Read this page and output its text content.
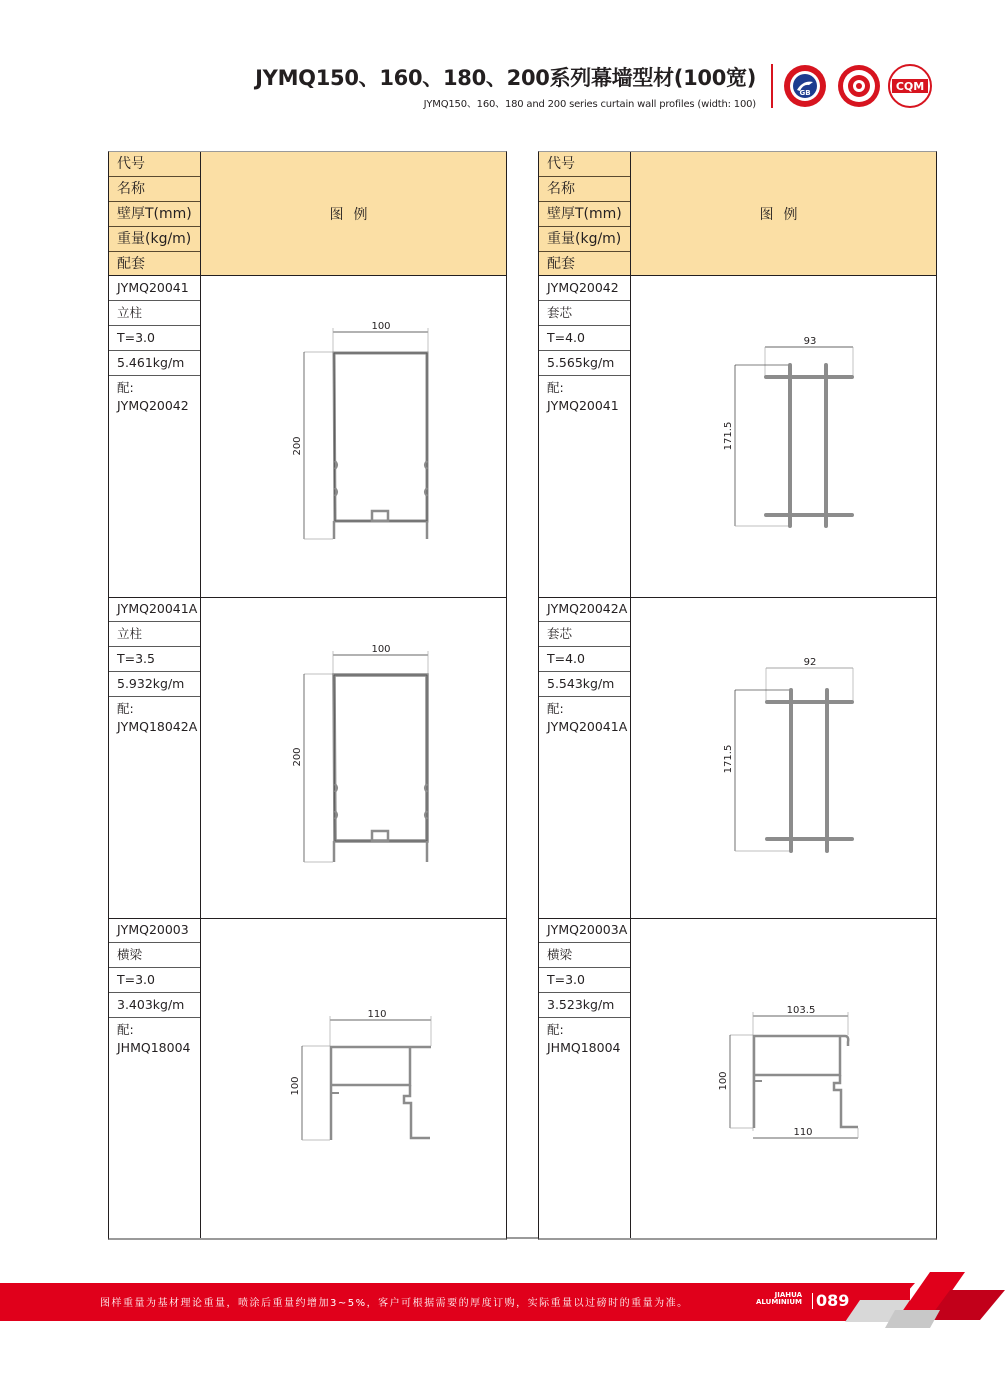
JYMQ150、160、180、200系列幕墙型材(100宽)
JYMQ150、160、180 and 200 series curtain wall profiles (width: 100)
GB	CQM
代号
名称
壁厚T(mm)
重量(kg/m)
配套
图例
JYMQ20041
立柱
T=3.0
5.461kg/m
配:
JYMQ20042
100
200
JYMQ20041A
立柱
T=3.5
5.932kg/m
配:
JYMQ18042A
100
200
JYMQ20003
横梁
T=3.0
3.403kg/m
配:
JHMQ18004
110
100
代号
名称
壁厚T(mm)
重量(kg/m)
配套
图例
JYMQ20042
套芯
T=4.0
5.565kg/m
配:
JYMQ20041
93
171.5
JYMQ20042A
套芯
T=4.0
5.543kg/m
配:
JYMQ20041A
92
171.5
JYMQ20003A
横梁
T=3.0
3.523kg/m
配:
JHMQ18004
103.5
100
110
图样重量为基材理论重量，喷涂后重量约增加3~5%，客户可根据需要的厚度订购，实际重量以过磅时的重量为准。
JIAHUA
ALUMINIUM 089
